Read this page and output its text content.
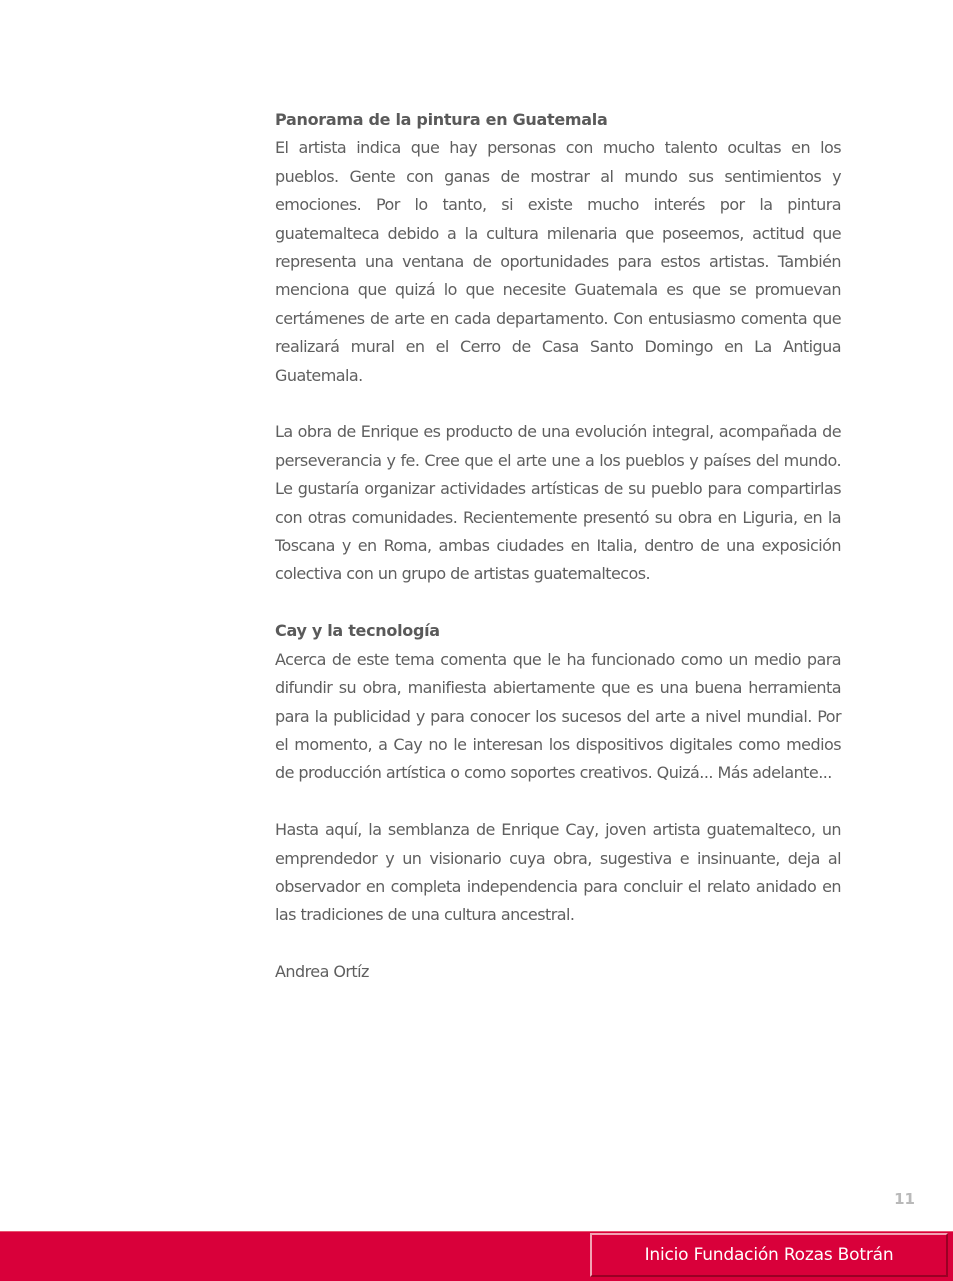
Panorama de la pintura en Guatemala

El artista indica que hay personas con mucho talento ocultas en los pueblos. Gente con ganas de mostrar al mundo sus sentimientos y emociones. Por lo tanto, si existe mucho interés por la pintura guatemalteca debido a la cultura milenaria que poseemos, actitud que representa una ventana de oportunidades para estos artistas. También menciona que quizá lo que necesite Guatemala es que se promuevan certámenes de arte en cada departamento. Con entusiasmo comenta que realizará mural en el Cerro de Casa Santo Domingo en La Antigua Guatemala.

La obra de Enrique es producto de una evolución integral, acompañada de perseverancia y fe. Cree que el arte une a los pueblos y países del mundo. Le gustaría organizar actividades artísticas de su pueblo para compartirlas con otras comunidades. Recientemente presentó su obra en Liguria, en la Toscana y en Roma, ambas ciudades en Italia, dentro de una exposición colectiva con un grupo de artistas guatemaltecos.

Cay y la tecnología

Acerca de este tema comenta que le ha funcionado como un medio para difundir su obra, manifiesta abiertamente que es una buena herramienta para la publicidad y para conocer los sucesos del arte a nivel mundial. Por el momento, a Cay no le interesan los dispositivos digitales como medios de producción artística o como soportes creativos. Quizá... Más adelante...

Hasta aquí, la semblanza de Enrique Cay, joven artista guatemalteco, un emprendedor y un visionario cuya obra, sugestiva e insinuante, deja al observador en completa independencia para concluir el relato anidado en las tradiciones de una cultura ancestral.

Andrea Ortíz

11
Inicio Fundación Rozas Botrán
